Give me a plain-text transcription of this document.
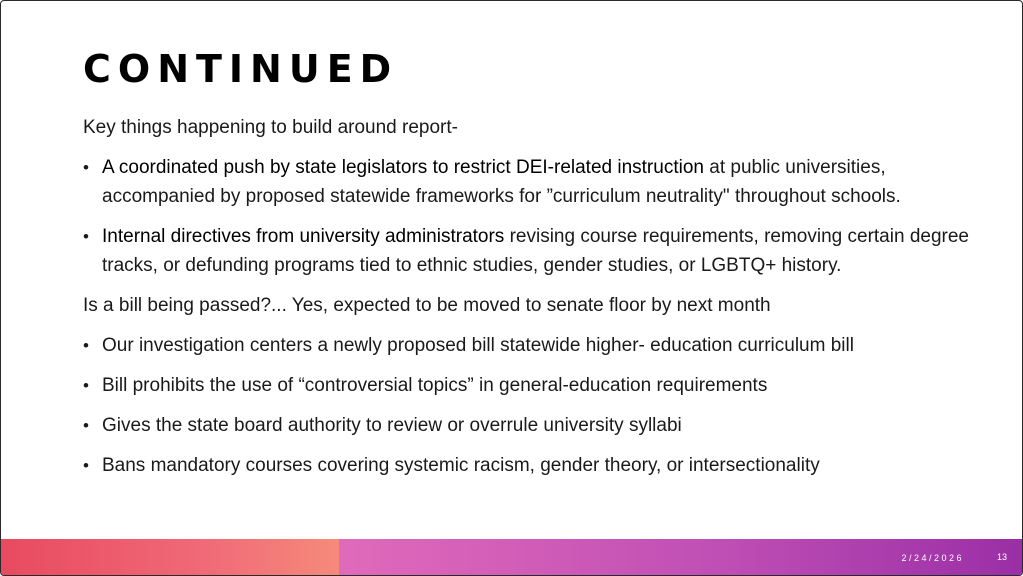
CONTINUED

Key things happening to build around report-

• A coordinated push by state legislators to restrict DEI-related instruction at public universities, accompanied by proposed statewide frameworks for ”curriculum neutrality" throughout schools.
• Internal directives from university administrators revising course requirements, removing certain degree tracks, or defunding programs tied to ethnic studies, gender studies, or LGBTQ+ history.

Is a bill being passed?... Yes, expected to be moved to senate floor by next month

• Our investigation centers a newly proposed bill statewide higher- education curriculum bill
• Bill prohibits the use of “controversial topics” in general-education requirements
• Gives the state board authority to review or overrule university syllabi
• Bans mandatory courses covering systemic racism, gender theory, or intersectionality
2/24/2026	13
